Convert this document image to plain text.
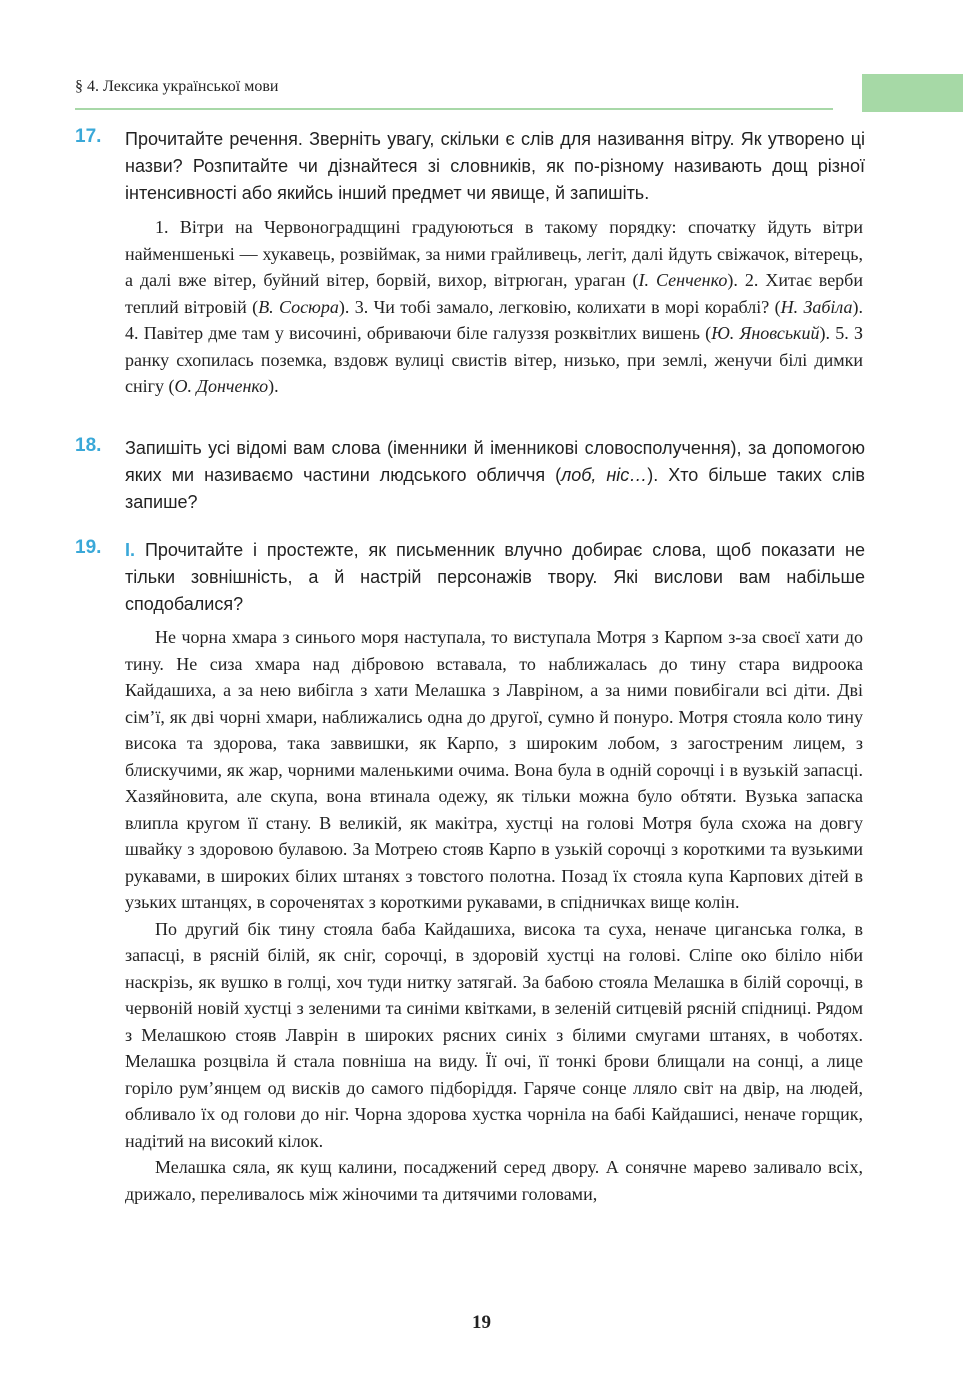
§ 4. Лексика української мови
17. Прочитайте речення. Зверніть увагу, скільки є слів для називання вітру. Як утворено ці назви? Розпитайте чи дізнайтеся зі словників, як по-різному називають дощ різної інтенсивності або якийсь інший предмет чи явище, й запишіть.

1. Вітри на Червоноградщині градуюються в такому порядку: спочатку йдуть вітри найменшенькі — хукавець, розвіймак, за ними грайливець, легіт, далі йдуть свіжачок, вітерець, а далі вже вітер, буйний вітер, борвій, вихор, вітрюган, ураган (І. Сенченко). 2. Хитає верби теплий вітровій (В. Сосюра). 3. Чи тобі замало, легковію, колихати в морі кораблі? (Н. Забіла). 4. Павітер дме там у височині, обриваючи біле галуззя розквітлих вишень (Ю. Яновський). 5. З ранку схопилась поземка, вздовж вулиці свистів вітер, низько, при землі, женучи білі димки снігу (О. Донченко).

18. Запишіть усі відомі вам слова (іменники й іменникові словосполучення), за допомогою яких ми називаємо частини людського обличчя (лоб, ніс…). Хто більше таких слів запише?
19. І. Прочитайте і простежте, як письменник влучно добирає слова, щоб показати не тільки зовнішність, а й настрій персонажів твору. Які вислови вам набільше сподобалися?

Не чорна хмара з синього моря наступала, то виступала Мотря з Карпом з-за своєї хати до тину. Не сиза хмара над дібровою вставала, то наближалась до тину стара видроока Кайдашиха, а за нею вибігла з хати Мелашка з Лавріном, а за ними повибігали всі діти. Дві сім’ї, як дві чорні хмари, наближались одна до другої, сумно й понуро. Мотря стояла коло тину висока та здорова, така заввишки, як Карпо, з широким лобом, з загостреним лицем, з блискучими, як жар, чорними маленькими очима. Вона була в одній сорочці і в вузькій запасці. Хазяйновита, але скупа, вона втинала одежу, як тільки можна було обтяти. Вузька запаска влипла кругом її стану. В великій, як макітра, хустці на голові Мотря була схожа на довгу швайку з здоровою булавою. За Мотрею стояв Карпо в узькій сорочці з короткими та вузькими рукавами, в широких білих штанях з товстого полотна. Позад їх стояла купа Карпових дітей в узьких штанцях, в сороченятах з короткими рукавами, в спідничках вище колін.

По другий бік тину стояла баба Кайдашиха, висока та суха, неначе циганська голка, в запасці, в рясній білій, як сніг, сорочці, в здоровій хустці на голові. Сліпе око біліло ніби наскрізь, як вушко в голці, хоч туди нитку затягай. За бабою стояла Мелашка в білій сорочці, в червоній новій хустці з зеленими та синіми квітками, в зеленій ситцевій рясній спідниці. Рядом з Мелашкою стояв Лаврін в широких рясних синіх з білими смугами штанях, в чоботях. Мелашка розцвіла й стала повніша на виду. Її очі, її тонкі брови блищали на сонці, а лице горіло рум’янцем од висків до самого підборіддя. Гаряче сонце лляло світ на двір, на людей, обливало їх од голови до ніг. Чорна здорова хустка чорніла на бабі Кайдашисі, неначе горщик, надітий на високий кілок.

Мелашка сяла, як кущ калини, посаджений серед двору. А сонячне марево заливало всіх, дрижало, переливалось між жіночими та дитячими головами,

19
